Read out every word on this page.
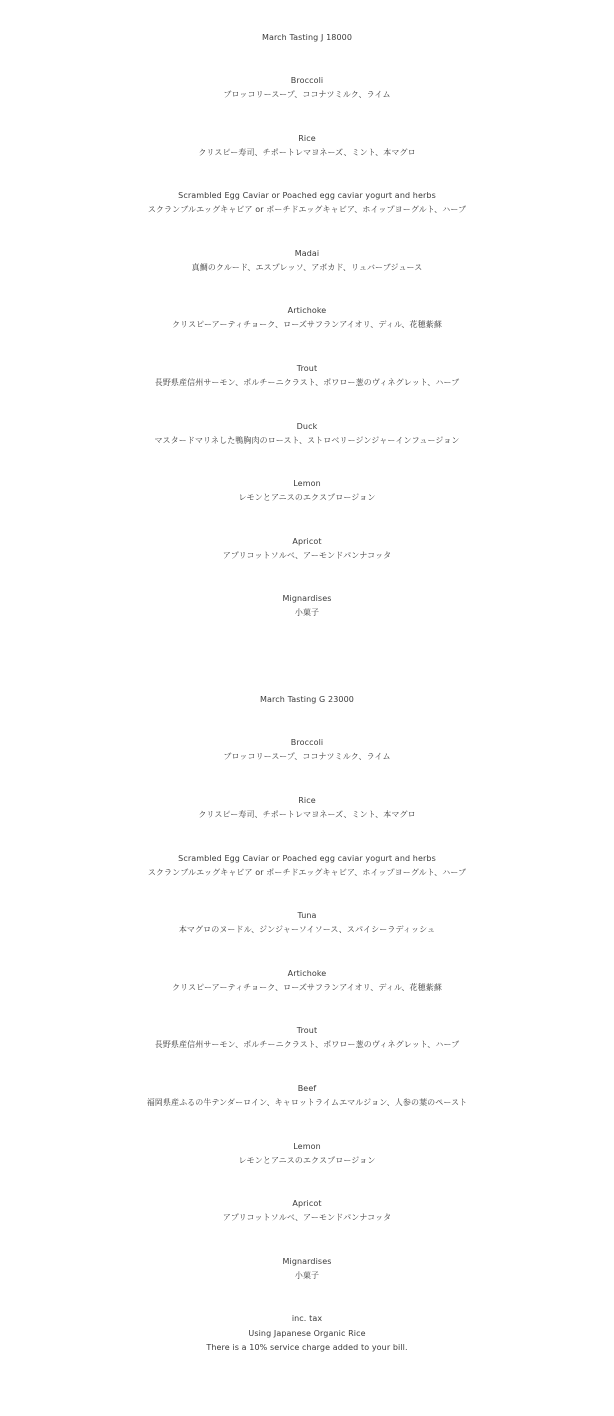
March Tasting J 18000
Broccoli
ブロッコリースープ、ココナツミルク、ライム
Rice
クリスピー寿司、チポートレマヨネーズ、ミント、本マグロ
Scrambled Egg Caviar or Poached egg caviar yogurt and herbs
スクランブルエッグキャビア or ポーチドエッグキャビア、ホイップヨーグルト、ハーブ
Madai
真鯛のクルード、エスプレッソ、アボカド、リュバーブジュース
Artichoke
クリスピーアーティチョーク、ローズサフランアイオリ、ディル、花穂紫蘇
Trout
長野県産信州サーモン、ポルチーニクラスト、ポワロー葱のヴィネグレット、ハーブ
Duck
マスタードマリネした鴨胸肉のロースト、ストロベリージンジャーインフュージョン
Lemon
レモンとアニスのエクスプロージョン
Apricot
アプリコットソルベ、アーモンドパンナコッタ
Mignardises
小菓子
March Tasting G 23000
Broccoli
ブロッコリースープ、ココナツミルク、ライム
Rice
クリスピー寿司、チポートレマヨネーズ、ミント、本マグロ
Scrambled Egg Caviar or Poached egg caviar yogurt and herbs
スクランブルエッグキャビア or ポーチドエッグキャビア、ホイップヨーグルト、ハーブ
Tuna
本マグロのヌードル、ジンジャーソイソース、スパイシーラディッシュ
Artichoke
クリスピーアーティチョーク、ローズサフランアイオリ、ディル、花穂紫蘇
Trout
長野県産信州サーモン、ポルチーニクラスト、ポワロー葱のヴィネグレット、ハーブ
Beef
福岡県産ふるの牛テンダーロイン、キャロットライムエマルジョン、人参の葉のペースト
Lemon
レモンとアニスのエクスプロージョン
Apricot
アプリコットソルベ、アーモンドパンナコッタ
Mignardises
小菓子
inc. tax
Using Japanese Organic Rice
There is a 10% service charge added to your bill.
